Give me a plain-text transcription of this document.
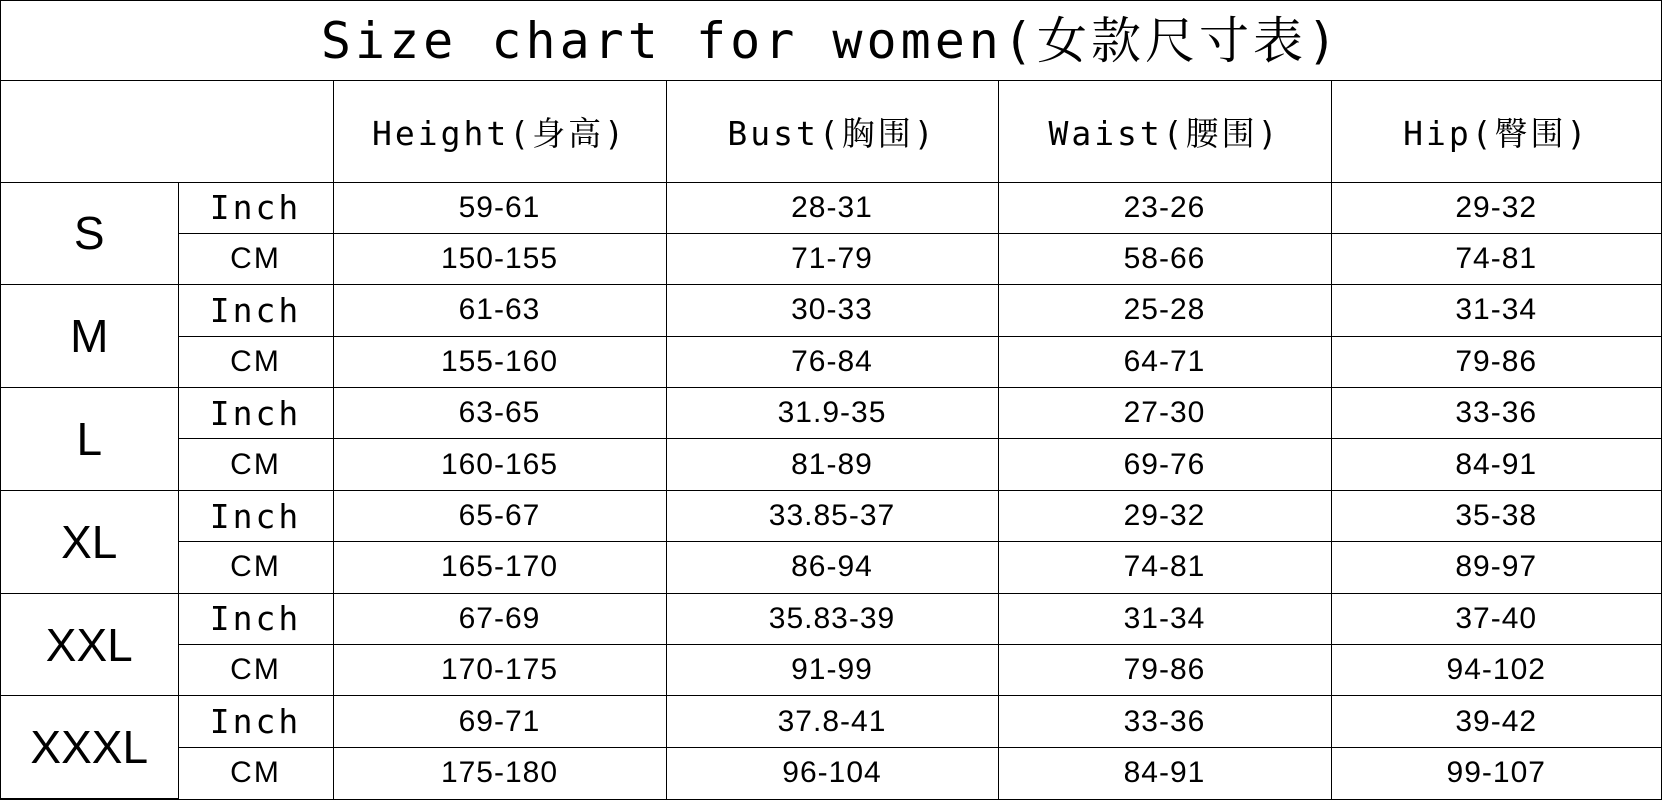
Size chart for women(女款尺寸表)
		Height(身高)	Bust(胸围)	Waist(腰围)	Hip(臀围)
S	Inch	59-61	28-31	23-26	29-32
	CM	150-155	71-79	58-66	74-81
M	Inch	61-63	30-33	25-28	31-34
	CM	155-160	76-84	64-71	79-86
L	Inch	63-65	31.9-35	27-30	33-36
	CM	160-165	81-89	69-76	84-91
XL	Inch	65-67	33.85-37	29-32	35-38
	CM	165-170	86-94	74-81	89-97
XXL	Inch	67-69	35.83-39	31-34	37-40
	CM	170-175	91-99	79-86	94-102
XXXL	Inch	69-71	37.8-41	33-36	39-42
	CM	175-180	96-104	84-91	99-107
